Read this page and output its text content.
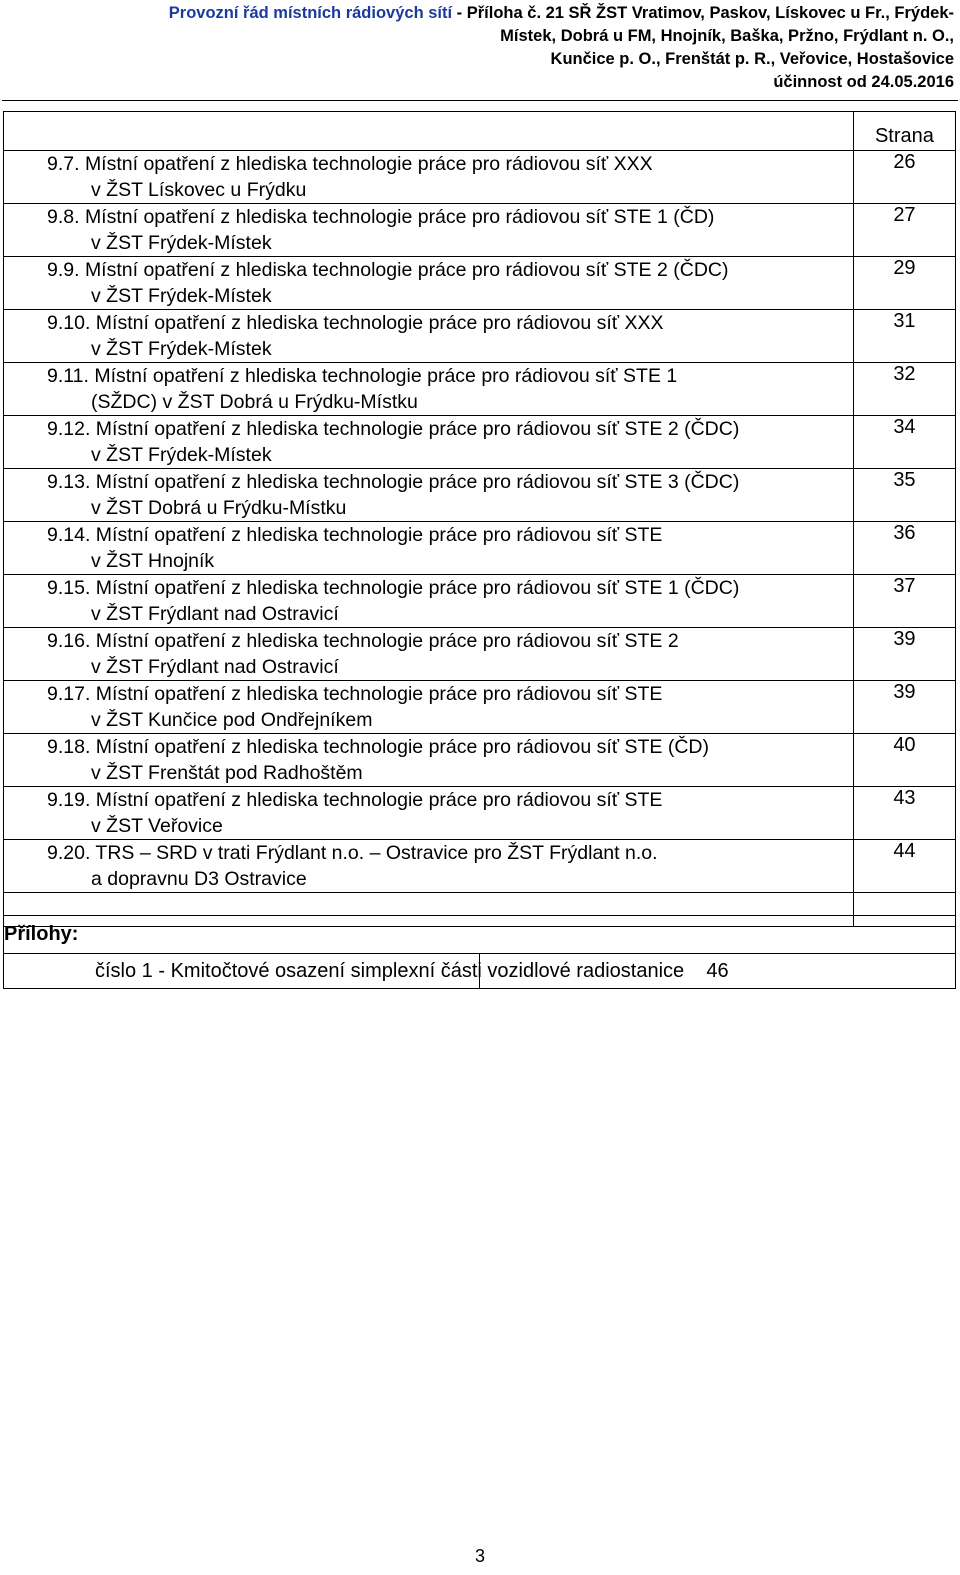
Provozní řád místních rádiových sítí - Příloha č. 21 SŘ ŽST Vratimov, Paskov, Lískovec u Fr., Frýdek-
Místek, Dobrá u FM, Hnojník, Baška, Pržno, Frýdlant n. O.,
Kunčice p. O., Frenštát p. R., Veřovice, Hostašovice
účinnost od 24.05.2016
	Strana

9.7. Místní opatření z hlediska technologie práce pro rádiovou síť XXX
v ŽST Lískovec u Frýdku	26

9.8. Místní opatření z hlediska technologie práce pro rádiovou síť STE 1 (ČD)
v ŽST Frýdek-Místek	27

9.9. Místní opatření z hlediska technologie práce pro rádiovou síť STE 2 (ČDC)
v ŽST Frýdek-Místek	29

9.10. Místní opatření z hlediska technologie práce pro rádiovou síť XXX
v ŽST Frýdek-Místek	31

9.11. Místní opatření z hlediska technologie práce pro rádiovou síť STE 1
(SŽDC) v ŽST Dobrá u Frýdku-Místku	32

9.12. Místní opatření z hlediska technologie práce pro rádiovou síť STE 2 (ČDC)
v ŽST Frýdek-Místek	34

9.13. Místní opatření z hlediska technologie práce pro rádiovou síť STE 3 (ČDC)
v ŽST Dobrá u Frýdku-Místku	35

9.14. Místní opatření z hlediska technologie práce pro rádiovou síť STE
v ŽST Hnojník	36

9.15. Místní opatření z hlediska technologie práce pro rádiovou síť STE 1 (ČDC)
v ŽST Frýdlant nad Ostravicí	37

9.16. Místní opatření z hlediska technologie práce pro rádiovou síť STE 2
v ŽST Frýdlant nad Ostravicí	39

9.17. Místní opatření z hlediska technologie práce pro rádiovou síť STE
v ŽST Kunčice pod Ondřejníkem	39

9.18. Místní opatření z hlediska technologie práce pro rádiovou síť STE (ČD)
v ŽST Frenštát pod Radhoštěm	40

9.19. Místní opatření z hlediska technologie práce pro rádiovou síť STE
v ŽST Veřovice	43

9.20. TRS – SRD v trati Frýdlant n.o. – Ostravice pro ŽST Frýdlant n.o.
a dopravnu D3 Ostravice	44

Přílohy:
číslo 1 - Kmitočtové osazení simplexní části vozidlové radiostanice	46
3
